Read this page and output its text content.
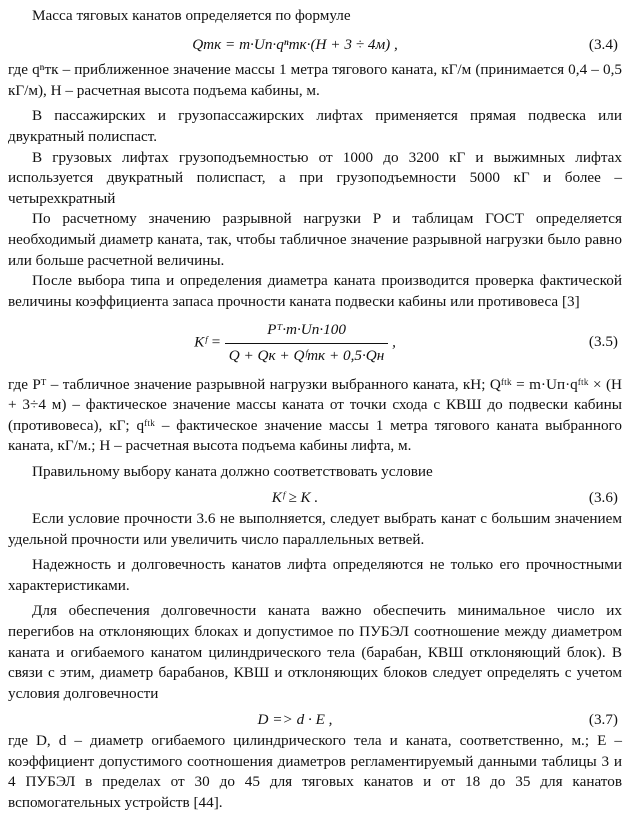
Масса тяговых канатов определяется по формуле

Qтк = m·Uп·qⁿтк·(H + 3 ÷ 4м) ,	(3.4)

где qⁿтк – приближенное значение массы 1 метра тягового каната, кГ/м (принимается 0,4 – 0,5 кГ/м), H – расчетная высота подъема кабины, м.

В пассажирских и грузопассажирских лифтах применяется прямая подвеска или двукратный полиспаст.

В грузовых лифтах грузоподъемностью от 1000 до 3200 кГ и выжимных лифтах используется двукратный полиспаст, а при грузоподъемности 5000 кГ и более – четырехкратный

По расчетному значению разрывной нагрузки P и таблицам ГОСТ определяется необходимый диаметр каната, так, чтобы табличное значение разрывной нагрузки было равно или больше расчетной величины.

После выбора типа и определения диаметра каната производится проверка фактической величины коэффициента запаса прочности каната подвески кабины или противовеса [3]

Kᶠ = $\frac{\text{Pᵀ·m·Uп·100}}{\text{Q + Qк + Qᶠтк + 0,5·Qн}}$ ,	(3.5)

где Pᵀ – табличное значение разрывной нагрузки выбранного каната, кН; Qᶠᵗᵏ = m·Uп·qᶠᵗᵏ × (H + 3÷4 м) – фактическое значение массы каната от точки схода с КВШ до подвески кабины (противовеса), кГ; qᶠᵗᵏ – фактическое значение массы 1 метра тягового каната выбранного каната, кГ/м.; H – расчетная высота подъема кабины лифта, м.

Правильному выбору каната должно соответствовать условие

Kᶠ ≥ K .	(3.6)

Если условие прочности 3.6 не выполняется, следует выбрать канат с большим значением удельной прочности или увеличить число параллельных ветвей.

Надежность и долговечность канатов лифта определяются не только его прочностными характеристиками.

Для обеспечения долговечности каната важно обеспечить минимальное число их перегибов на отклоняющих блоках и допустимое по ПУБЭЛ соотношение между диаметром каната и огибаемого канатом цилиндрического тела (барабан, КВШ отклоняющий блок). В связи с этим, диаметр барабанов, КВШ и отклоняющих блоков следует определять с учетом условия долговечности

D => d · E ,	(3.7)

где D, d – диаметр огибаемого цилиндрического тела и каната, соответственно, м.; E – коэффициент допустимого соотношения диаметров регламентируемый данными таблицы 3 и 4 ПУБЭЛ в пределах от 30 до 45 для тяговых канатов и от 18 до 35 для канатов вспомогательных устройств [44].
